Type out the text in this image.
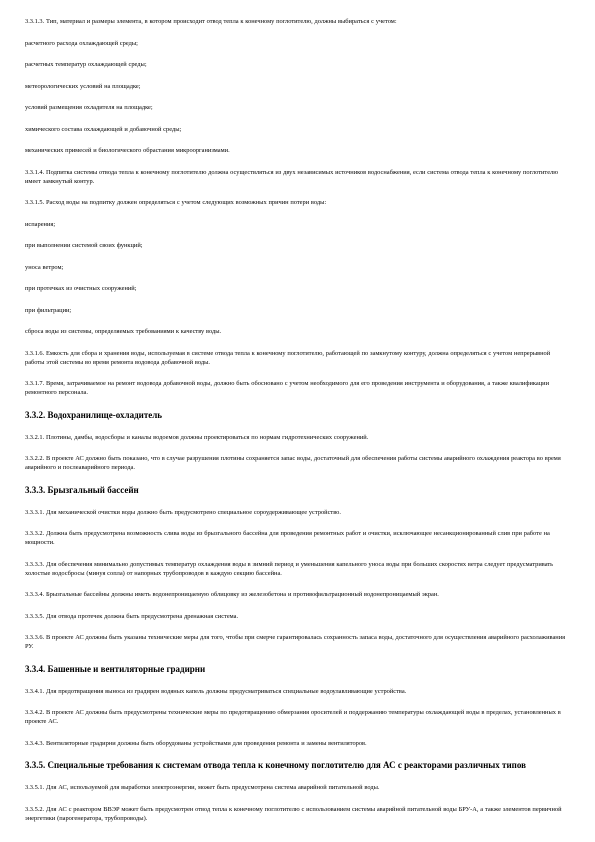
3.3.1.3. Тип, материал и размеры элемента, в котором происходит отвод тепла к конечному поглотителю, должны выбираться с учетом:
расчетного расхода охлаждающей среды;
расчетных температур охлаждающей среды;
метеорологических условий на площадке;
условий размещения охладителя на площадке;
химического состава охлаждающей и добавочной среды;
механических примесей и биологического обрастания микроорганизмами.
3.3.1.4. Подпитка системы отвода тепла к конечному поглотителю должна осуществляться из двух независимых источников водоснабжения, если система отвода тепла к конечному поглотителю имеет замкнутый контур.
3.3.1.5. Расход воды на подпитку должен определяться с учетом следующих возможных причин потери воды:
испарения;
при выполнении системой своих функций;
уноса ветром;
при протечках из очистных сооружений;
при фильтрации;
сброса воды из системы, определяемых требованиями к качеству воды.
3.3.1.6. Емкость для сбора и хранения воды, используемая в системе отвода тепла к конечному поглотителю, работающей по замкнутому контуру, должна определяться с учетом непрерывной работы этой системы во время ремонта водовода добавочной воды.
3.3.1.7. Время, затрачиваемое на ремонт водовода добавочной воды, должно быть обосновано с учетом необходимого для его проведения инструмента и оборудования, а также квалификации ремонтного персонала.
3.3.2. Водохранилище-охладитель
3.3.2.1. Плотины, дамбы, водосборы и каналы водоемов должны проектироваться по нормам гидротехнических сооружений.
3.3.2.2. В проекте АС должно быть показано, что в случае разрушения плотины сохраняется запас воды, достаточный для обеспечения работы системы аварийного охлаждения реактора во время аварийного и послеаварийного периода.
3.3.3. Брызгальный бассейн
3.3.3.1. Для механической очистки воды должно быть предусмотрено специальное сороудерживающее устройство.
3.3.3.2. Должна быть предусмотрена возможность слива воды из брызгального бассейна для проведения ремонтных работ и очистки, исключающее несанкционированный слив при работе на мощности.
3.3.3.3. Для обеспечения минимально допустимых температур охлаждения воды в зимний период и уменьшения капельного уноса воды при больших скоростях ветра следует предусматривать холостые водосбросы (минуя сопла) от напорных трубопроводов в каждую секцию бассейна.
3.3.3.4. Брызгальные бассейны должны иметь водонепроницаемую облицовку из железобетона и противофильтрационный водонепроницаемый экран.
3.3.3.5. Для отвода протечек должна быть предусмотрена дренажная система.
3.3.3.6. В проекте АС должны быть указаны технические меры для того, чтобы при смерче гарантировалась сохранность запаса воды, достаточного для осуществления аварийного расхолаживания РУ.
3.3.4. Башенные и вентиляторные градирни
3.3.4.1. Для предотвращения выноса из градирен водяных капель должны предусматриваться специальные водоулавливающие устройства.
3.3.4.2. В проекте АС должны быть предусмотрены технические меры по предотвращению обмерзания оросителей и поддержанию температуры охлаждающей воды в пределах, установленных в проекте АС.
3.3.4.3. Вентиляторные градирни должны быть оборудованы устройствами для проведения ремонта и замены вентиляторов.
3.3.5. Специальные требования к системам отвода тепла к конечному поглотителю для АС с реакторами различных типов
3.3.5.1. Для АС, используемой для выработки электроэнергии, может быть предусмотрена система аварийной питательной воды.
3.3.5.2. Для АС с реактором ВВЭР может быть предусмотрен отвод тепла к конечному поглотителю с использованием системы аварийной питательной воды БРУ-А, а также элементов первичной энергетики (парогенератора, трубопроводы).
